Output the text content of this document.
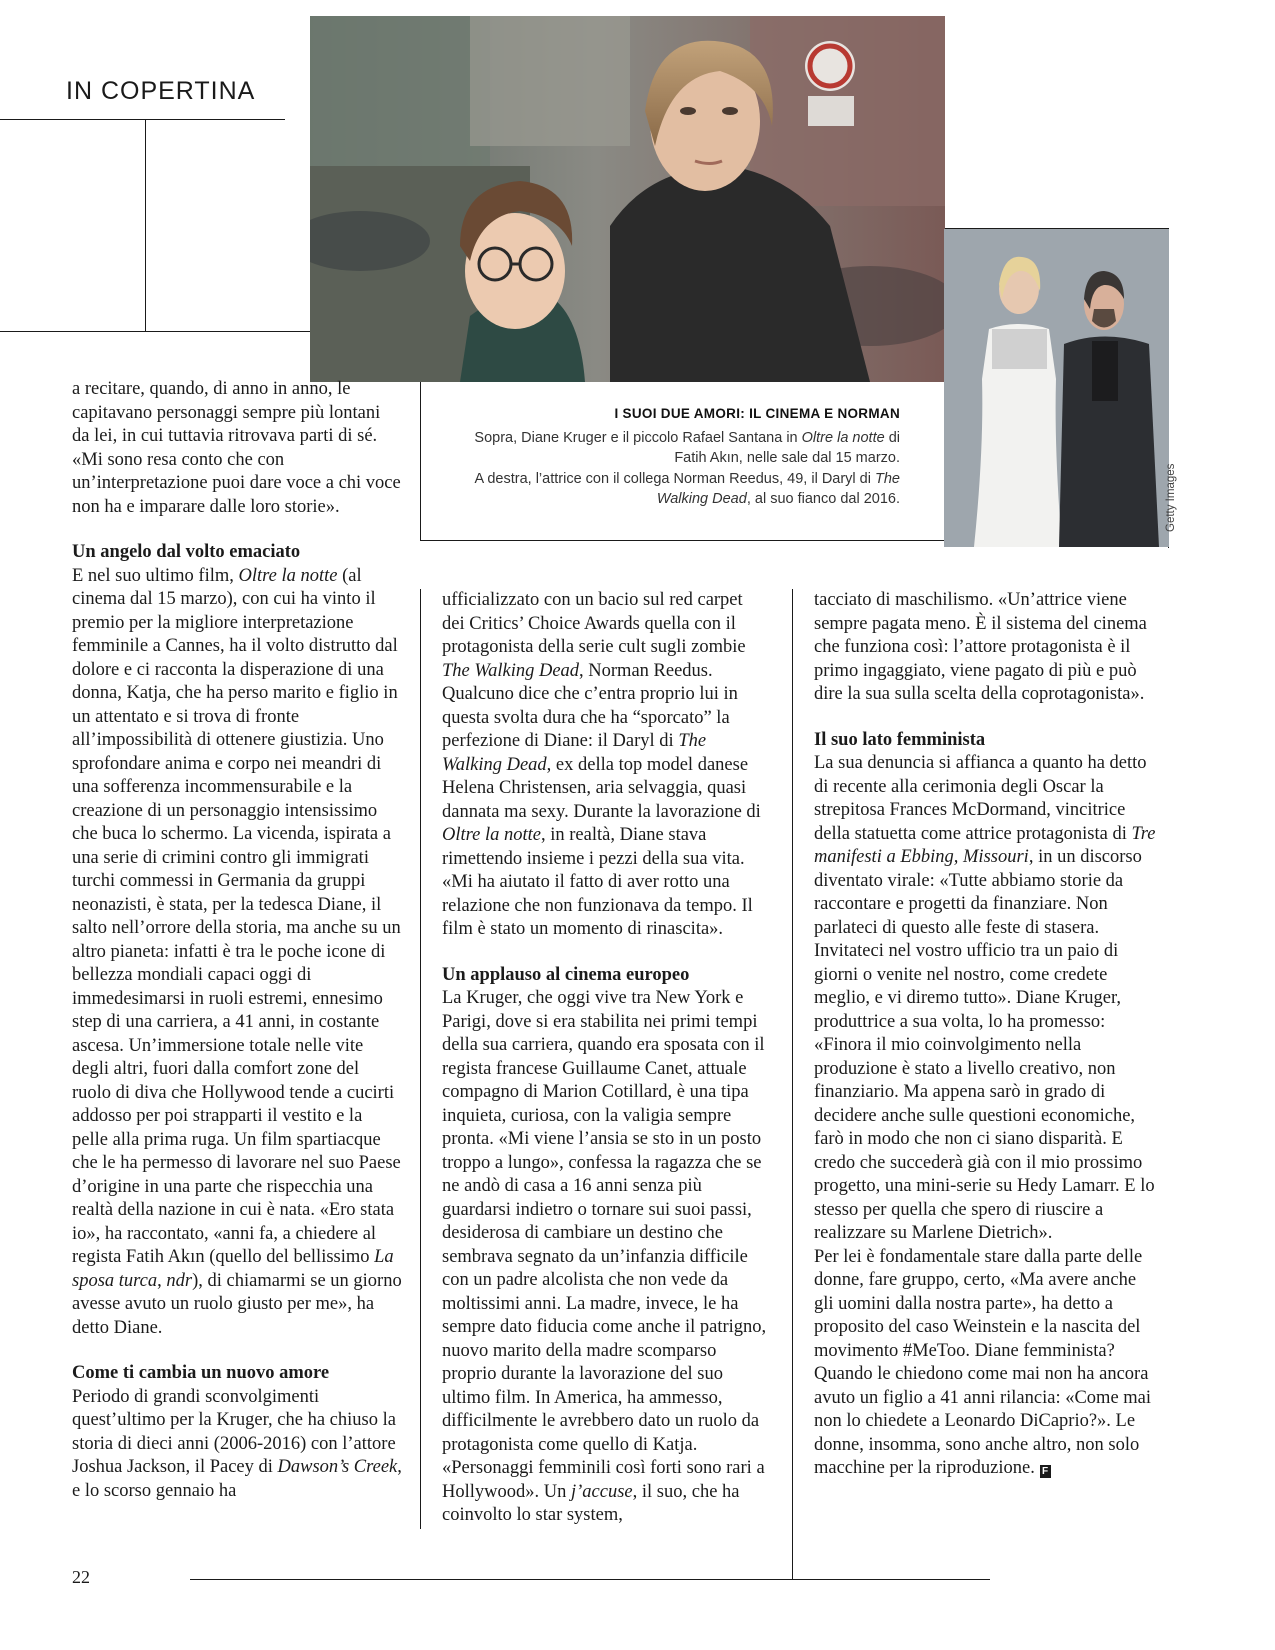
IN COPERTINA
I SUOI DUE AMORI: IL CINEMA E NORMAN
Sopra, Diane Kruger e il piccolo Rafael Santana in Oltre la notte di Fatih Akın, nelle sale dal 15 marzo.
A destra, l’attrice con il collega Norman Reedus, 49, il Daryl di The Walking Dead, al suo fianco dal 2016.	Getty Images

a recitare, quando, di anno in anno, le capitavano personaggi sempre più lontani da lei, in cui tuttavia ritrovava parti di sé. «Mi sono resa conto che con un’interpretazione puoi dare voce a chi voce non ha e imparare dalle loro storie».

Un angelo dal volto emaciato

E nel suo ultimo film, Oltre la notte (al cinema dal 15 marzo), con cui ha vinto il premio per la migliore interpretazione femminile a Cannes, ha il volto distrutto dal dolore e ci racconta la disperazione di una donna, Katja, che ha perso marito e figlio in un attentato e si trova di fronte all’impossibilità di ottenere giustizia. Uno sprofondare anima e corpo nei meandri di una sofferenza incommensurabile e la creazione di un personaggio intensissimo che buca lo schermo. La vicenda, ispirata a una serie di crimini contro gli immigrati turchi commessi in Germania da gruppi neonazisti, è stata, per la tedesca Diane, il salto nell’orrore della storia, ma anche su un altro pianeta: infatti è tra le poche icone di bellezza mondiali capaci oggi di immedesimarsi in ruoli estremi, ennesimo step di una carriera, a 41 anni, in costante ascesa. Un’immersione totale nelle vite degli altri, fuori dalla comfort zone del ruolo di diva che Hollywood tende a cucirti addosso per poi strapparti il vestito e la pelle alla prima ruga. Un film spartiacque che le ha permesso di lavorare nel suo Paese d’origine in una parte che rispecchia una realtà della nazione in cui è nata. «Ero stata io», ha raccontato, «anni fa, a chiedere al regista Fatih Akın (quello del bellissimo La sposa turca, ndr), di chiamarmi se un giorno avesse avuto un ruolo giusto per me», ha detto Diane.

Come ti cambia un nuovo amore

Periodo di grandi sconvolgimenti quest’ultimo per la Kruger, che ha chiuso la storia di dieci anni (2006-2016) con l’attore Joshua Jackson, il Pacey di Dawson’s Creek, e lo scorso gennaio ha

ufficializzato con un bacio sul red carpet dei Critics’ Choice Awards quella con il protagonista della serie cult sugli zombie The Walking Dead, Norman Reedus. Qualcuno dice che c’entra proprio lui in questa svolta dura che ha “sporcato” la perfezione di Diane: il Daryl di The Walking Dead, ex della top model danese Helena Christensen, aria selvaggia, quasi dannata ma sexy. Durante la lavorazione di Oltre la notte, in realtà, Diane stava rimettendo insieme i pezzi della sua vita. «Mi ha aiutato il fatto di aver rotto una relazione che non funzionava da tempo. Il film è stato un momento di rinascita».

Un applauso al cinema europeo

La Kruger, che oggi vive tra New York e Parigi, dove si era stabilita nei primi tempi della sua carriera, quando era sposata con il regista francese Guillaume Canet, attuale compagno di Marion Cotillard, è una tipa inquieta, curiosa, con la valigia sempre pronta. «Mi viene l’ansia se sto in un posto troppo a lungo», confessa la ragazza che se ne andò di casa a 16 anni senza più guardarsi indietro o tornare sui suoi passi, desiderosa di cambiare un destino che sembrava segnato da un’infanzia difficile con un padre alcolista che non vede da moltissimi anni. La madre, invece, le ha sempre dato fiducia come anche il patrigno, nuovo marito della madre scomparso proprio durante la lavorazione del suo ultimo film. In America, ha ammesso, difficilmente le avrebbero dato un ruolo da protagonista come quello di Katja. «Personaggi femminili così forti sono rari a Hollywood». Un j’accuse, il suo, che ha coinvolto lo star system,

tacciato di maschilismo. «Un’attrice viene sempre pagata meno. È il sistema del cinema che funziona così: l’attore protagonista è il primo ingaggiato, viene pagato di più e può dire la sua sulla scelta della coprotagonista».

Il suo lato femminista

La sua denuncia si affianca a quanto ha detto di recente alla cerimonia degli Oscar la strepitosa Frances McDormand, vincitrice della statuetta come attrice protagonista di Tre manifesti a Ebbing, Missouri, in un discorso diventato virale: «Tutte abbiamo storie da raccontare e progetti da finanziare. Non parlateci di questo alle feste di stasera. Invitateci nel vostro ufficio tra un paio di giorni o venite nel nostro, come credete meglio, e vi diremo tutto». Diane Kruger, produttrice a sua volta, lo ha promesso: «Finora il mio coinvolgimento nella produzione è stato a livello creativo, non finanziario. Ma appena sarò in grado di decidere anche sulle questioni economiche, farò in modo che non ci siano disparità. E credo che succederà già con il mio prossimo progetto, una mini-serie su Hedy Lamarr. E lo stesso per quella che spero di riuscire a realizzare su Marlene Dietrich».

Per lei è fondamentale stare dalla parte delle donne, fare gruppo, certo, «Ma avere anche gli uomini dalla nostra parte», ha detto a proposito del caso Weinstein e la nascita del movimento #MeToo. Diane femminista? Quando le chiedono come mai non ha ancora avuto un figlio a 41 anni rilancia: «Come mai non lo chiedete a Leonardo DiCaprio?». Le donne, insomma, sono anche altro, non solo macchine per la riproduzione. F

22
